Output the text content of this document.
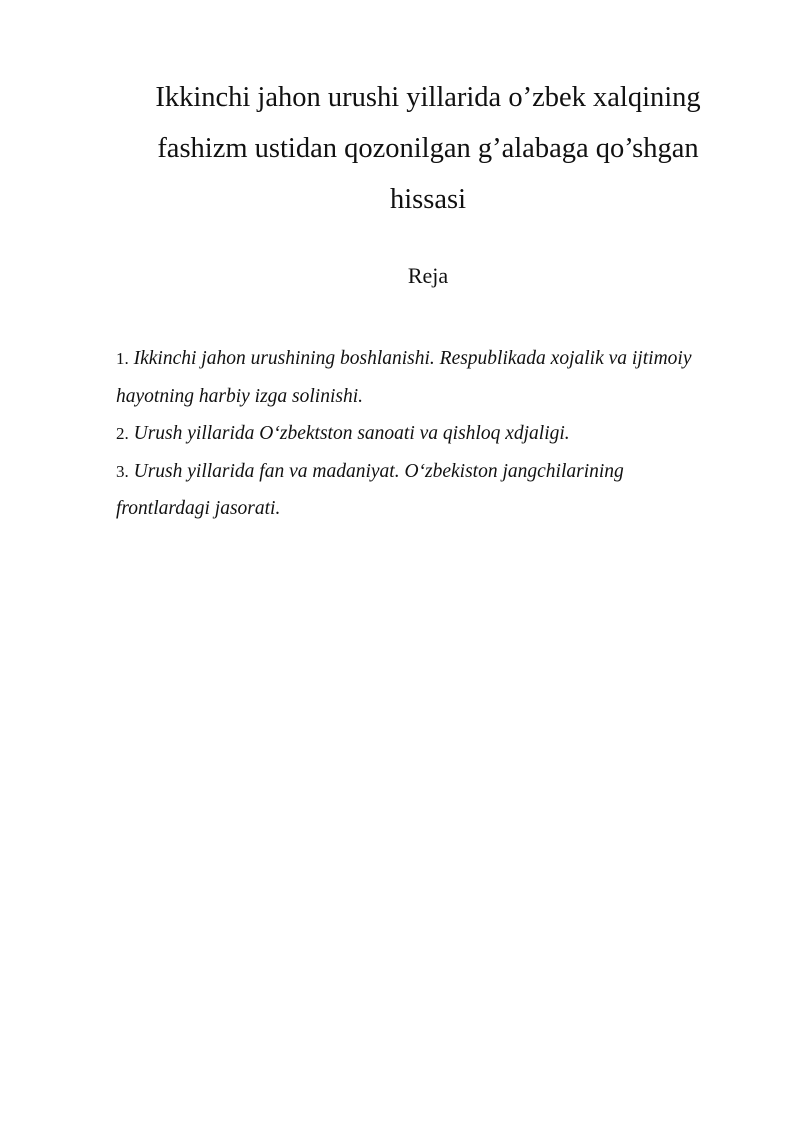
Ikkinchi jahon urushi yillarida o’zbek xalqining
fashizm ustidan qozonilgan g’alabaga qo’shgan
hissasi
Reja
1. Ikkinchi jahon urushining boshlanishi. Respublikada xojalik va ijtimoiy hayotning harbiy izga solinishi.
2. Urush yillarida O‘zbektston sanoati va qishloq xdjaligi.
3. Urush yillarida fan va madaniyat. O‘zbekiston jangchilarining frontlardagi jasorati.
